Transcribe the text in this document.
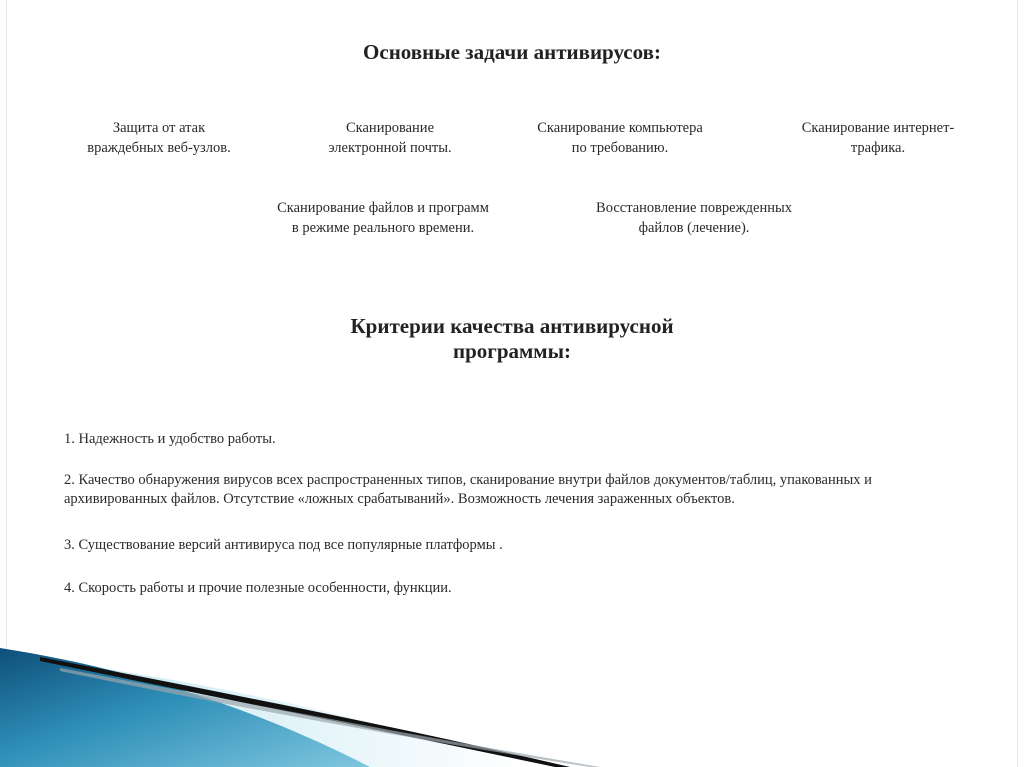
Основные задачи антивирусов:
Защита от атак
враждебных веб-узлов.
Сканирование
электронной почты.
Сканирование компьютера
по требованию.
Сканирование интернет-
трафика.
Сканирование файлов и программ
в режиме реального времени.
Восстановление поврежденных
файлов (лечение).
Критерии качества антивирусной
программы:

1. Надежность и удобство работы.

2. Качество обнаружения вирусов всех распространенных типов, сканирование внутри файлов документов/таблиц, упакованных и архивированных файлов. Отсутствие «ложных срабатываний». Возможность лечения зараженных объектов.

3. Существование версий антивируса под все популярные платформы .

4. Скорость работы и прочие полезные особенности, функции.
